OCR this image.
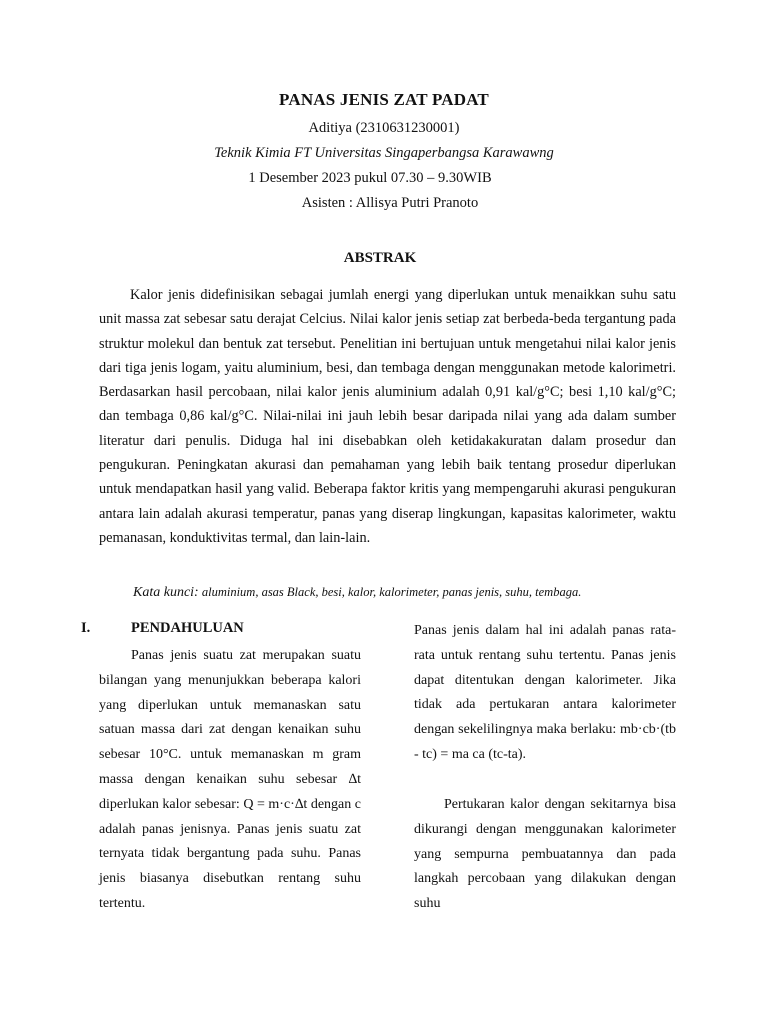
PANAS JENIS ZAT PADAT
Aditiya (2310631230001)
Teknik Kimia FT Universitas Singaperbangsa Karawawng
1 Desember 2023 pukul 07.30 – 9.30WIB
Asisten : Allisya Putri Pranoto
ABSTRAK

Kalor jenis didefinisikan sebagai jumlah energi yang diperlukan untuk menaikkan suhu satu unit massa zat sebesar satu derajat Celcius. Nilai kalor jenis setiap zat berbeda-beda tergantung pada struktur molekul dan bentuk zat tersebut. Penelitian ini bertujuan untuk mengetahui nilai kalor jenis dari tiga jenis logam, yaitu aluminium, besi, dan tembaga dengan menggunakan metode kalorimetri. Berdasarkan hasil percobaan, nilai kalor jenis aluminium adalah 0,91 kal/g°C; besi 1,10 kal/g°C; dan tembaga 0,86 kal/g°C. Nilai-nilai ini jauh lebih besar daripada nilai yang ada dalam sumber literatur dari penulis. Diduga hal ini disebabkan oleh ketidakakuratan dalam prosedur dan pengukuran. Peningkatan akurasi dan pemahaman yang lebih baik tentang prosedur diperlukan untuk mendapatkan hasil yang valid. Beberapa faktor kritis yang mempengaruhi akurasi pengukuran antara lain adalah akurasi temperatur, panas yang diserap lingkungan, kapasitas kalorimeter, waktu pemanasan, konduktivitas termal, dan lain-lain.

Kata kunci: aluminium, asas Black, besi, kalor, kalorimeter, panas jenis, suhu, tembaga.
I.	PENDAHULUAN

Panas jenis suatu zat merupakan suatu bilangan yang menunjukkan beberapa kalori yang diperlukan untuk memanaskan satu satuan massa dari zat dengan kenaikan suhu sebesar 10°C. untuk memanaskan m gram massa dengan kenaikan suhu sebesar ∆t diperlukan kalor sebesar: Q = m·c·∆t dengan c adalah panas jenisnya. Panas jenis suatu zat ternyata tidak bergantung pada suhu. Panas jenis biasanya disebutkan rentang suhu tertentu.

Panas jenis dalam hal ini adalah panas rata-rata untuk rentang suhu tertentu. Panas jenis dapat ditentukan dengan kalorimeter. Jika tidak ada pertukaran antara kalorimeter dengan sekelilingnya maka berlaku: mb·cb·(tb - tc) = ma ca (tc-ta).

Pertukaran kalor dengan sekitarnya bisa dikurangi dengan menggunakan kalorimeter yang sempurna pembuatannya dan pada langkah percobaan yang dilakukan dengan suhu
